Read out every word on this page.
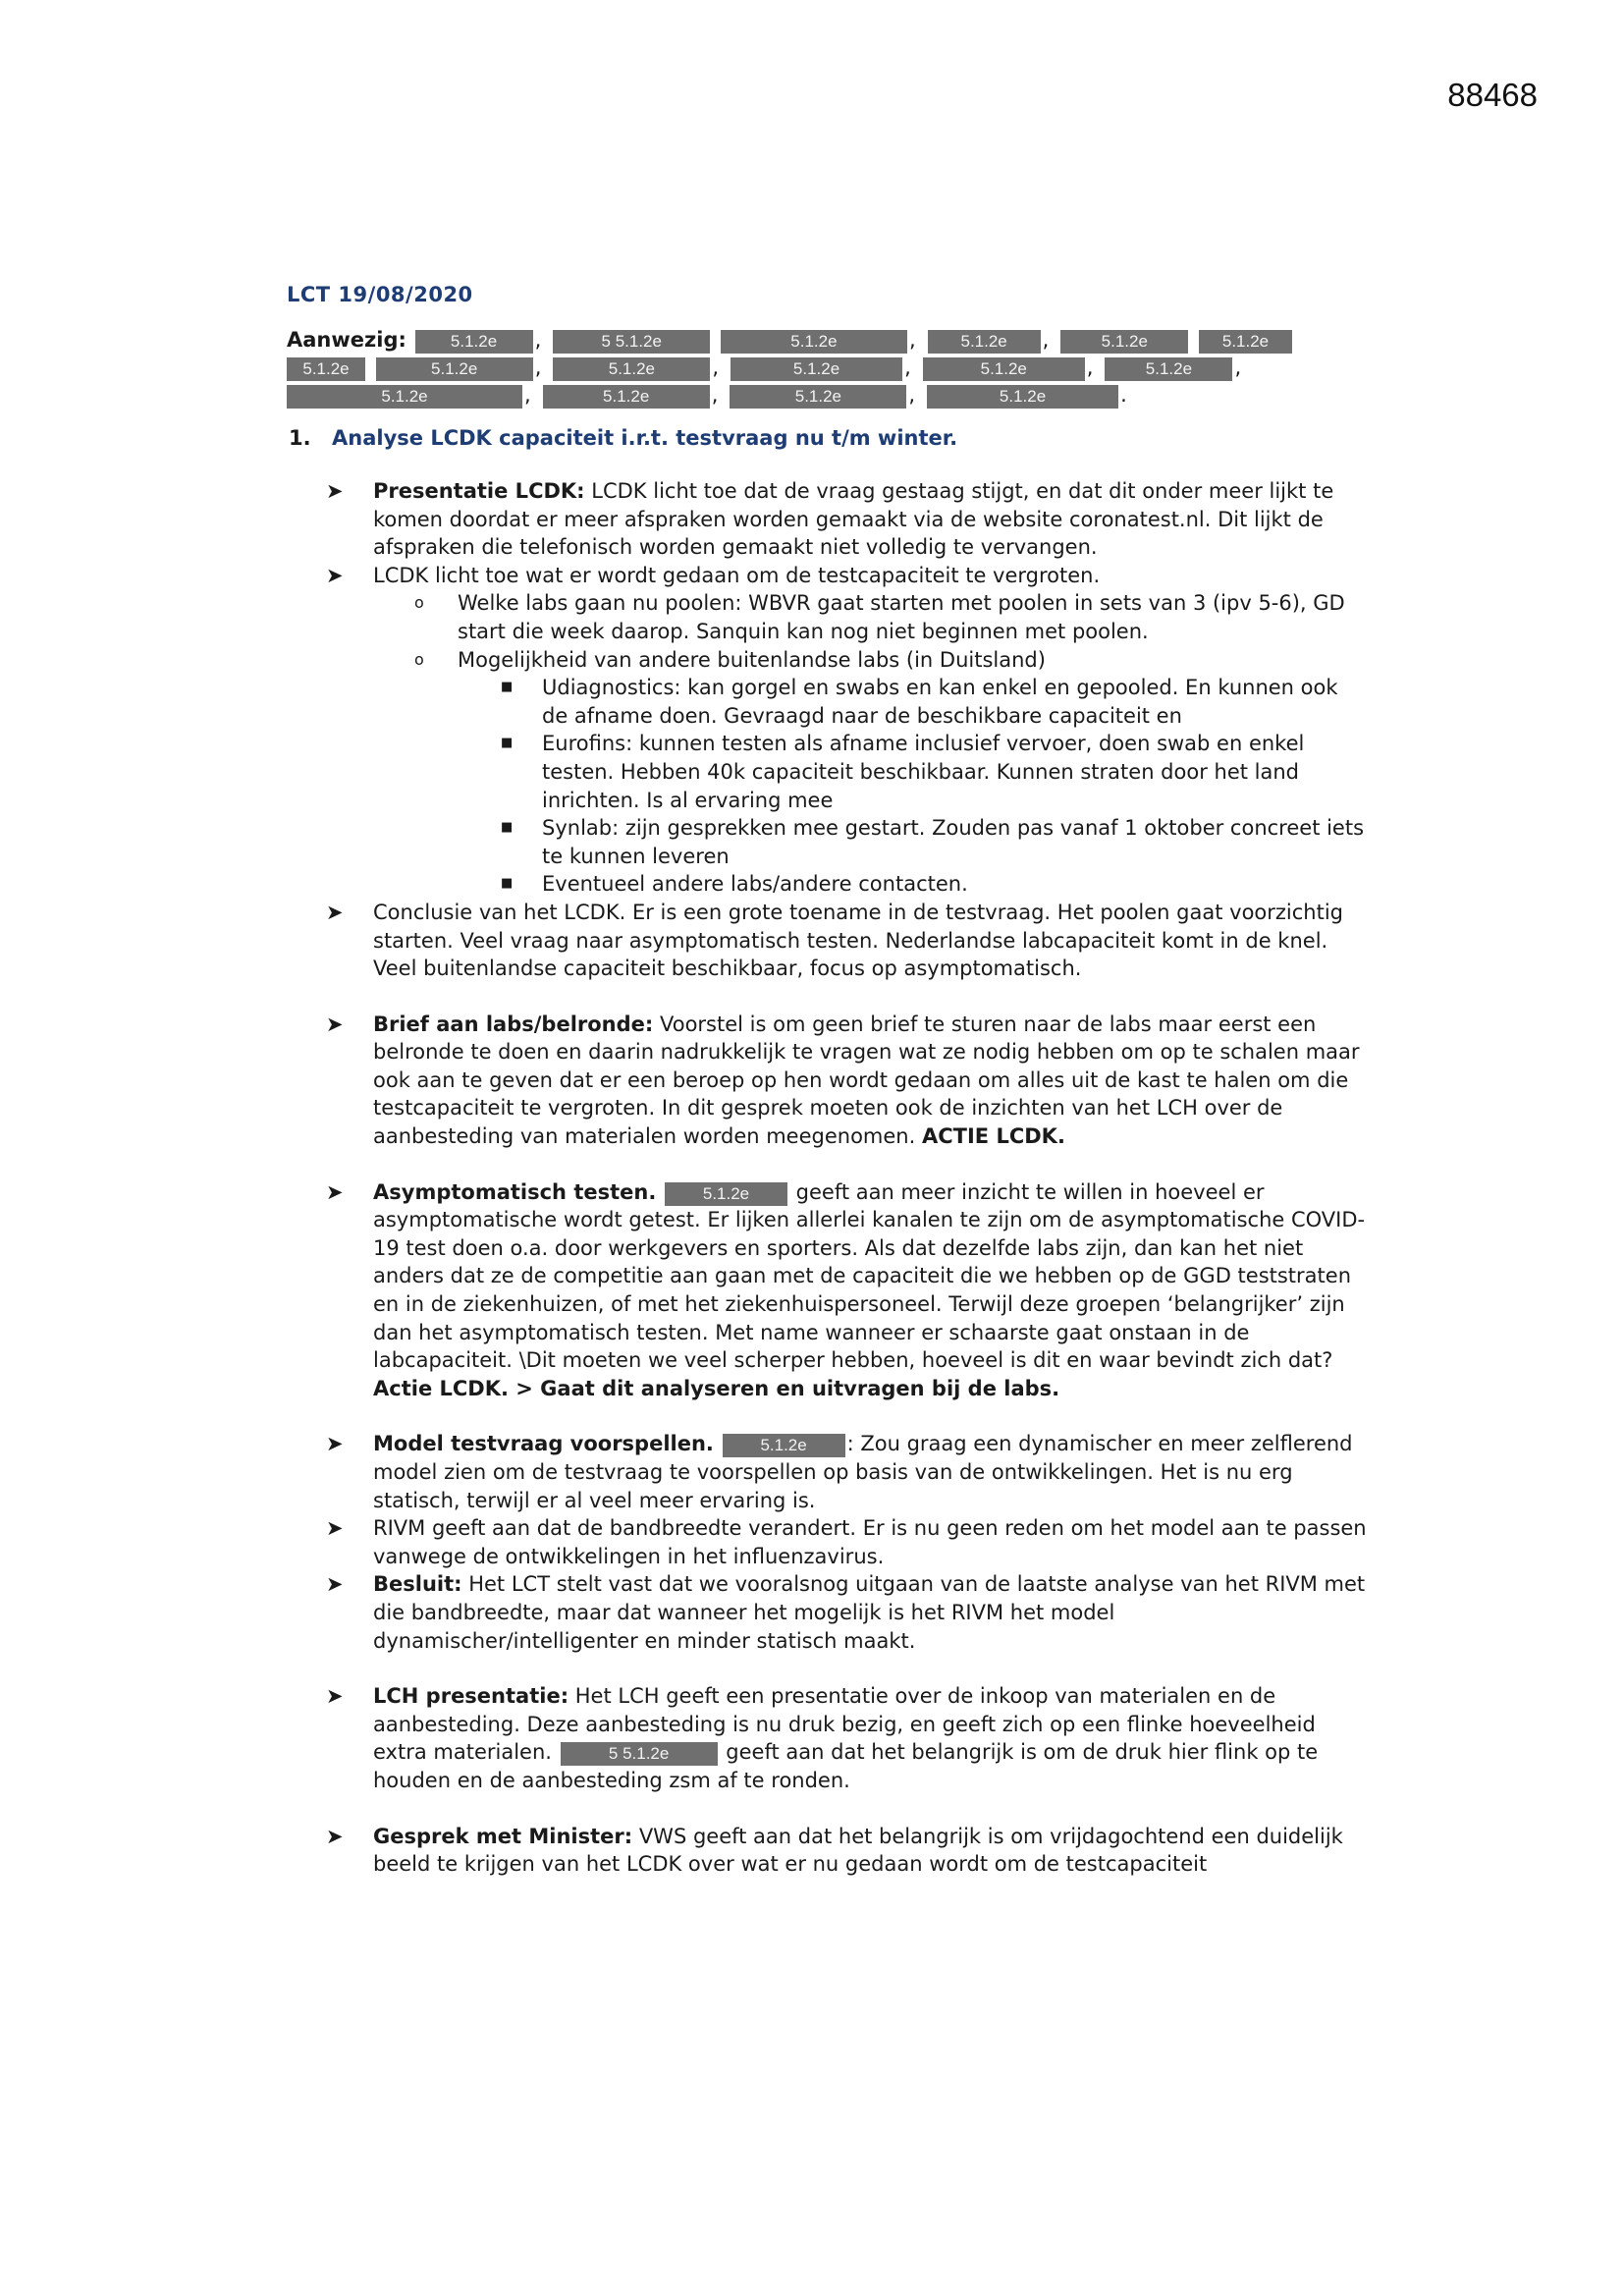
88468
LCT 19/08/2020
Aanwezig:	5.1.2e ,	5 5.1.2e	5.1.2e	,	5.1.2e ,	5.1.2e	5.1.2e
5.1.2e	5.1.2e	,	5.1.2e	,	5.1.2e	,	5.1.2e	,	5.1.2e ,
5.1.2e	,	5.1.2e	,	5.1.2e	,	5.1.2e	.
1. Analyse LCDK capaciteit i.r.t. testvraag nu t/m winter.

➤ Presentatie LCDK: LCDK licht toe dat de vraag gestaag stijgt, en dat dit onder meer lijkt te komen doordat er meer afspraken worden gemaakt via de website coronatest.nl. Dit lijkt de afspraken die telefonisch worden gemaakt niet volledig te vervangen.

➤ LCDK licht toe wat er wordt gedaan om de testcapaciteit te vergroten.

o Welke labs gaan nu poolen: WBVR gaat starten met poolen in sets van 3 (ipv 5-6), GD start die week daarop. Sanquin kan nog niet beginnen met poolen.

o Mogelijkheid van andere buitenlandse labs (in Duitsland)

■ Udiagnostics: kan gorgel en swabs en kan enkel en gepooled. En kunnen ook de afname doen. Gevraagd naar de beschikbare capaciteit en

■ Eurofins: kunnen testen als afname inclusief vervoer, doen swab en enkel testen. Hebben 40k capaciteit beschikbaar. Kunnen straten door het land inrichten. Is al ervaring mee

■ Synlab: zijn gesprekken mee gestart. Zouden pas vanaf 1 oktober concreet iets te kunnen leveren

■ Eventueel andere labs/andere contacten.

➤ Conclusie van het LCDK. Er is een grote toename in de testvraag. Het poolen gaat voorzichtig starten. Veel vraag naar asymptomatisch testen. Nederlandse labcapaciteit komt in de knel. Veel buitenlandse capaciteit beschikbaar, focus op asymptomatisch.

➤ Brief aan labs/belronde: Voorstel is om geen brief te sturen naar de labs maar eerst een belronde te doen en daarin nadrukkelijk te vragen wat ze nodig hebben om op te schalen maar ook aan te geven dat er een beroep op hen wordt gedaan om alles uit de kast te halen om die testcapaciteit te vergroten. In dit gesprek moeten ook de inzichten van het LCH over de aanbesteding van materialen worden meegenomen. ACTIE LCDK.

➤ Asymptomatisch testen.	5.1.2e geeft aan meer inzicht te willen in hoeveel er asymptomatische wordt getest. Er lijken allerlei kanalen te zijn om de asymptomatische COVID-19 test doen o.a. door werkgevers en sporters. Als dat dezelfde labs zijn, dan kan het niet anders dat ze de competitie aan gaan met de capaciteit die we hebben op de GGD teststraten en in de ziekenhuizen, of met het ziekenhuispersoneel. Terwijl deze groepen ‘belangrijker’ zijn dan het asymptomatisch testen. Met name wanneer er schaarste gaat onstaan in de labcapaciteit. \Dit moeten we veel scherper hebben, hoeveel is dit en waar bevindt zich dat? Actie LCDK. > Gaat dit analyseren en uitvragen bij de labs.

➤ Model testvraag voorspellen.	5.1.2e : Zou graag een dynamischer en meer zelflerend model zien om de testvraag te voorspellen op basis van de ontwikkelingen. Het is nu erg statisch, terwijl er al veel meer ervaring is.

➤ RIVM geeft aan dat de bandbreedte verandert. Er is nu geen reden om het model aan te passen vanwege de ontwikkelingen in het influenzavirus.

➤ Besluit: Het LCT stelt vast dat we vooralsnog uitgaan van de laatste analyse van het RIVM met die bandbreedte, maar dat wanneer het mogelijk is het RIVM het model dynamischer/intelligenter en minder statisch maakt.

➤ LCH presentatie: Het LCH geeft een presentatie over de inkoop van materialen en de aanbesteding. Deze aanbesteding is nu druk bezig, en geeft zich op een flinke hoeveelheid extra materialen.	5 5.1.2e geeft aan dat het belangrijk is om de druk hier flink op te houden en de aanbesteding zsm af te ronden.

➤ Gesprek met Minister: VWS geeft aan dat het belangrijk is om vrijdagochtend een duidelijk beeld te krijgen van het LCDK over wat er nu gedaan wordt om de testcapaciteit
